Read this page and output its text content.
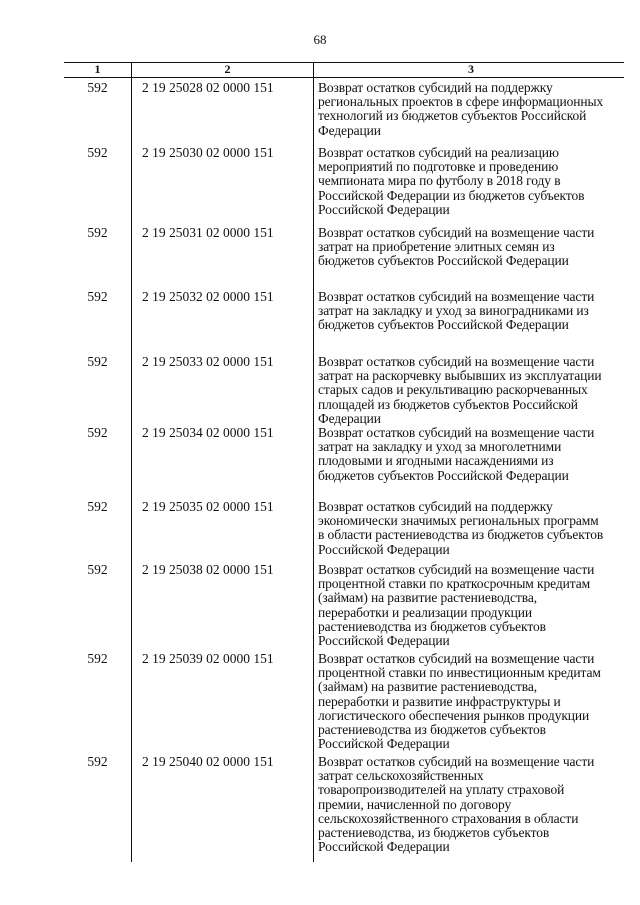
68
1	2	3
592	2 19 25028 02 0000 151	Возврат остатков субсидий на поддержку региональных проектов в сфере информационных технологий из бюджетов субъектов Российской Федерации
592	2 19 25030 02 0000 151	Возврат остатков субсидий на реализацию мероприятий по подготовке и проведению чемпионата мира по футболу в 2018 году в Российской Федерации из бюджетов субъектов Российской Федерации
592	2 19 25031 02 0000 151	Возврат остатков субсидий на возмещение части затрат на приобретение элитных семян из бюджетов субъектов Российской Федерации
592	2 19 25032 02 0000 151	Возврат остатков субсидий на возмещение части затрат на закладку и уход за виноградниками из бюджетов субъектов Российской Федерации
592	2 19 25033 02 0000 151	Возврат остатков субсидий на возмещение части затрат на раскорчевку выбывших из эксплуатации старых садов и рекультивацию раскорчеванных площадей из бюджетов субъектов Российской Федерации
592	2 19 25034 02 0000 151	Возврат остатков субсидий на возмещение части затрат на закладку и уход за многолетними плодовыми и ягодными насаждениями из бюджетов субъектов Российской Федерации
592	2 19 25035 02 0000 151	Возврат остатков субсидий на поддержку экономически значимых региональных программ в области растениеводства из бюджетов субъектов Российской Федерации
592	2 19 25038 02 0000 151	Возврат остатков субсидий на возмещение части процентной ставки по краткосрочным кредитам (займам) на развитие растениеводства, переработки и реализации продукции растениеводства из бюджетов субъектов Российской Федерации
592	2 19 25039 02 0000 151	Возврат остатков субсидий на возмещение части процентной ставки по инвестиционным кредитам (займам) на развитие растениеводства, переработки и развитие инфраструктуры и логистического обеспечения рынков продукции растениеводства из бюджетов субъектов Российской Федерации
592	2 19 25040 02 0000 151	Возврат остатков субсидий на возмещение части затрат сельскохозяйственных товаропроизводителей на уплату страховой премии, начисленной по договору сельскохозяйственного страхования в области растениеводства, из бюджетов субъектов Российской Федерации
